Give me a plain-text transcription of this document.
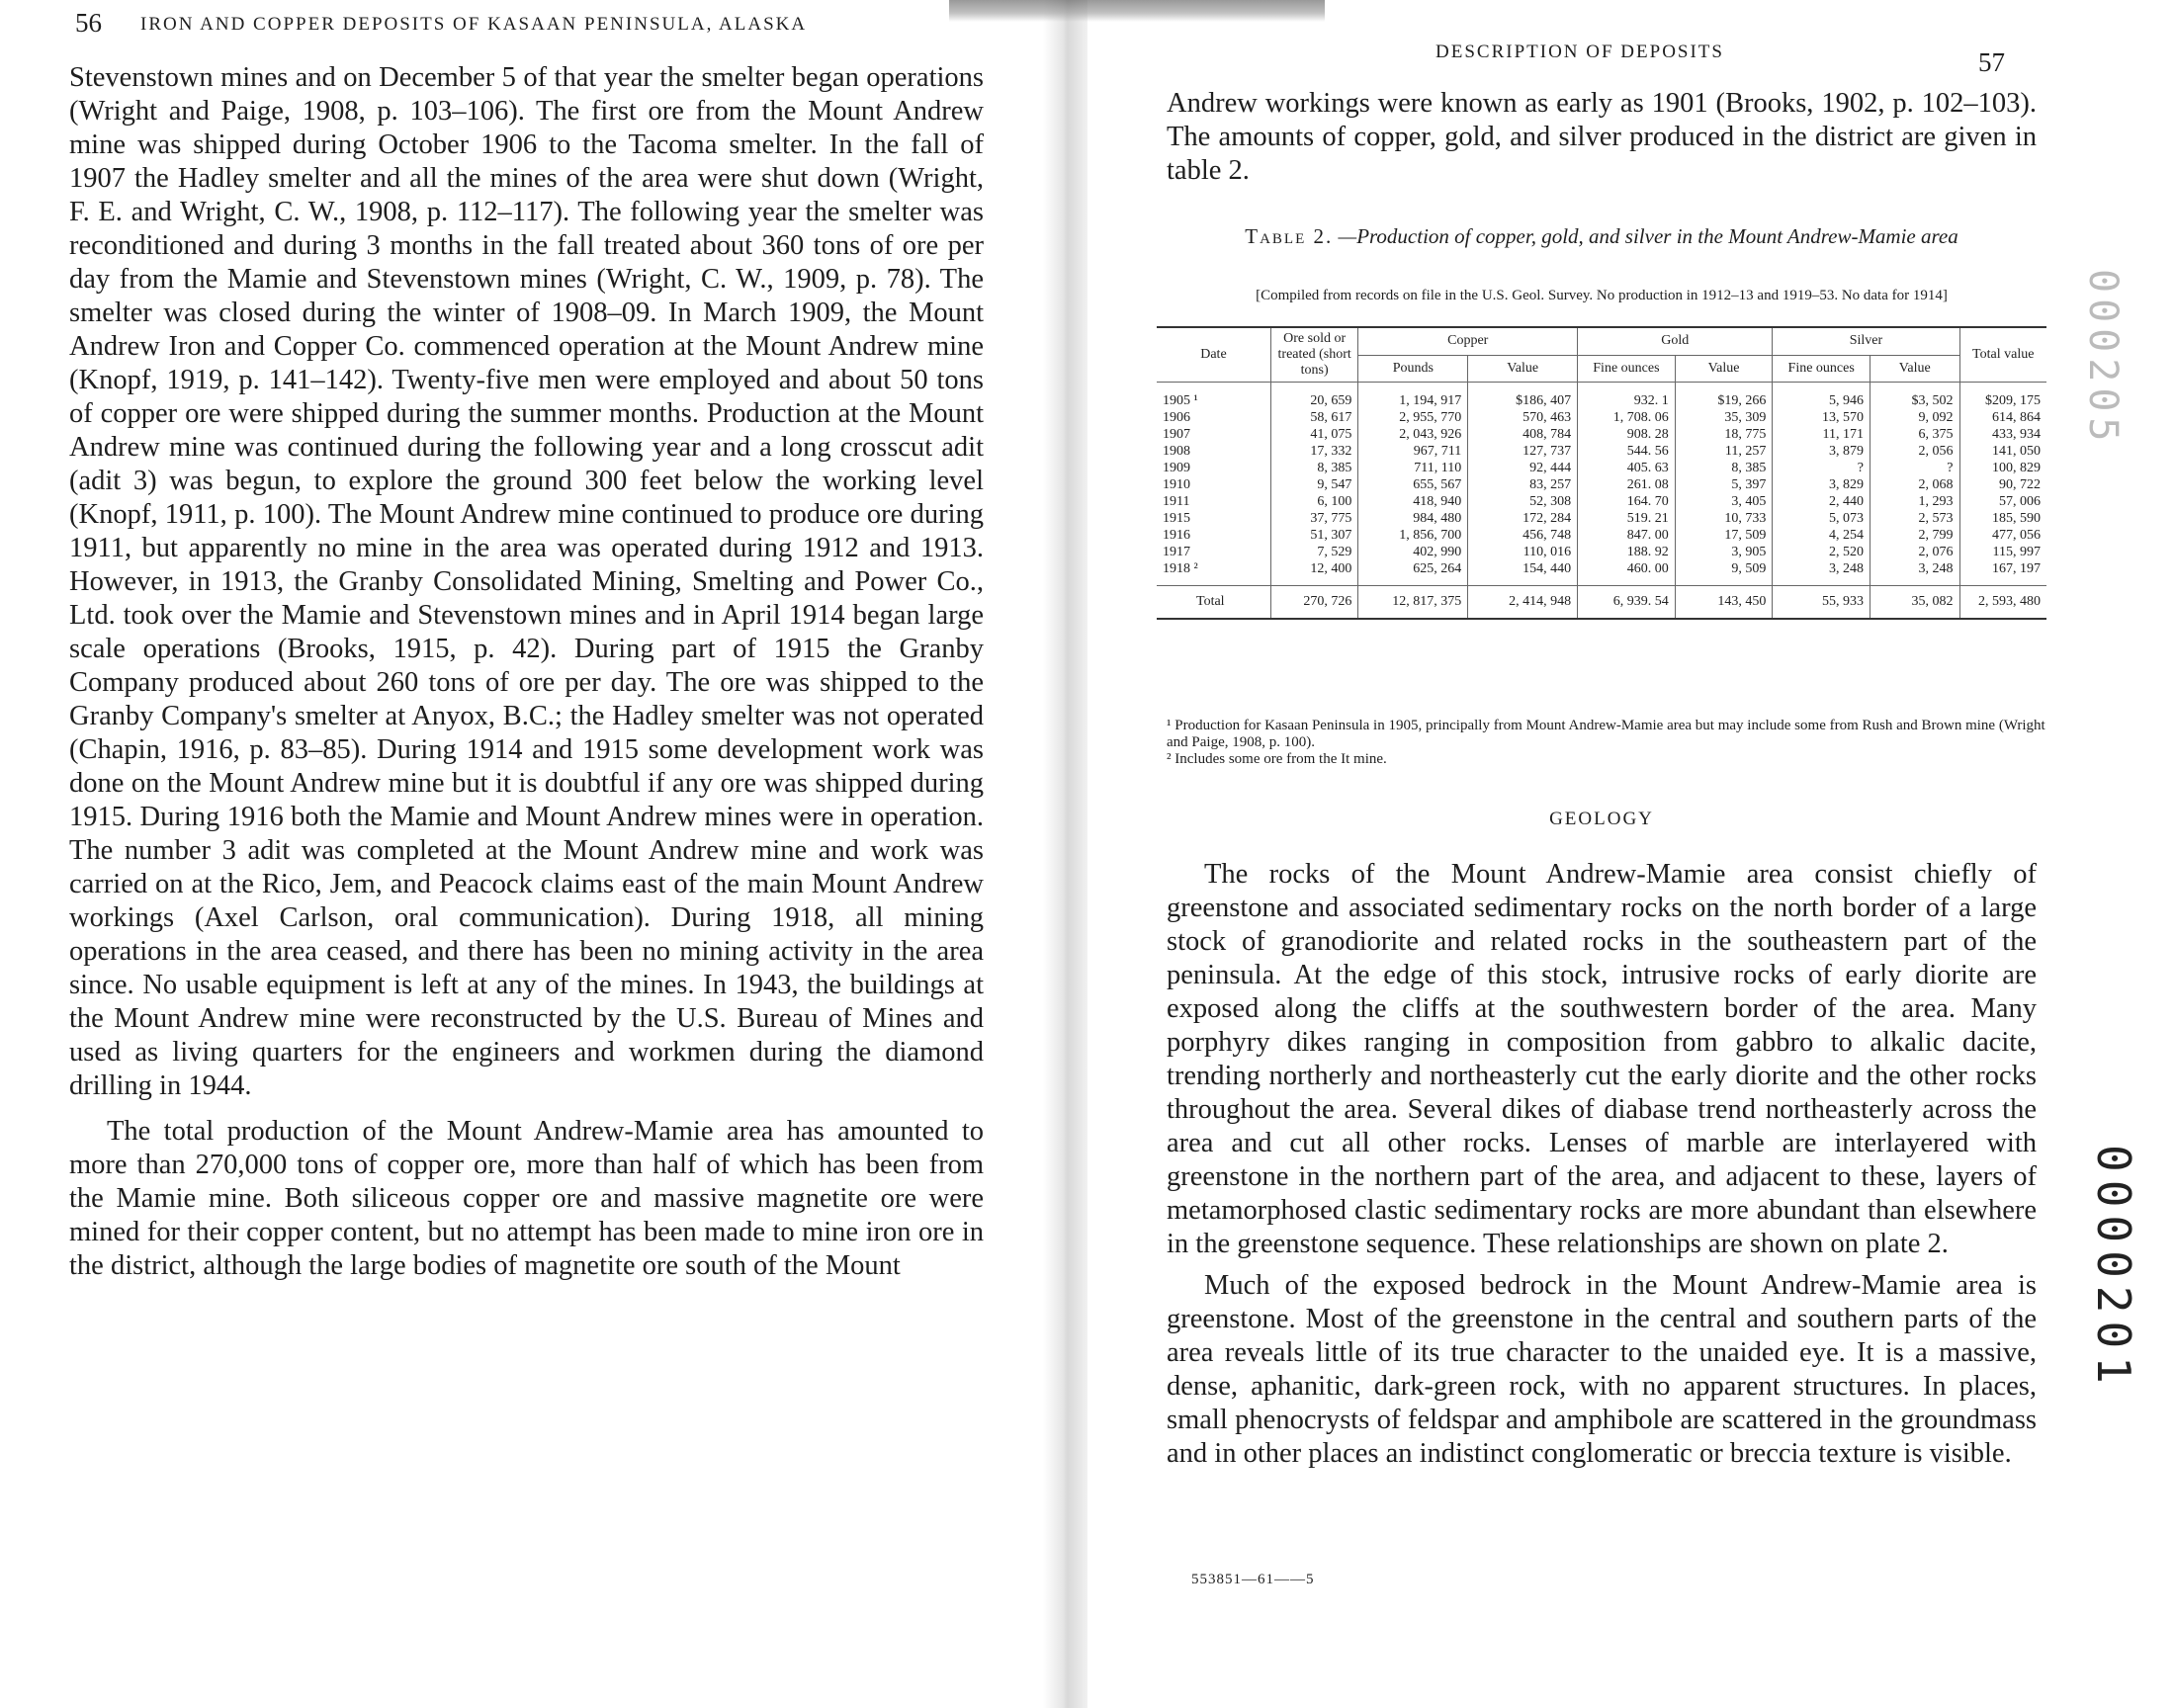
56 IRON AND COPPER DEPOSITS OF KASAAN PENINSULA, ALASKA

Stevenstown mines and on December 5 of that year the smelter began operations (Wright and Paige, 1908, p. 103–106). The first ore from the Mount Andrew mine was shipped during October 1906 to the Tacoma smelter. In the fall of 1907 the Hadley smelter and all the mines of the area were shut down (Wright, F. E. and Wright, C. W., 1908, p. 112–117). The following year the smelter was reconditioned and during 3 months in the fall treated about 360 tons of ore per day from the Mamie and Stevenstown mines (Wright, C. W., 1909, p. 78). The smelter was closed during the winter of 1908–09. In March 1909, the Mount Andrew Iron and Copper Co. commenced operation at the Mount Andrew mine (Knopf, 1919, p. 141–142). Twenty-five men were employed and about 50 tons of copper ore were shipped during the summer months. Production at the Mount Andrew mine was continued during the following year and a long crosscut adit (adit 3) was begun, to explore the ground 300 feet below the working level (Knopf, 1911, p. 100). The Mount Andrew mine continued to produce ore during 1911, but apparently no mine in the area was operated during 1912 and 1913. However, in 1913, the Granby Consolidated Mining, Smelting and Power Co., Ltd. took over the Mamie and Stevenstown mines and in April 1914 began large scale operations (Brooks, 1915, p. 42). During part of 1915 the Granby Company produced about 260 tons of ore per day. The ore was shipped to the Granby Company's smelter at Anyox, B.C.; the Hadley smelter was not operated (Chapin, 1916, p. 83–85). During 1914 and 1915 some development work was done on the Mount Andrew mine but it is doubtful if any ore was shipped during 1915. During 1916 both the Mamie and Mount Andrew mines were in operation. The number 3 adit was completed at the Mount Andrew mine and work was carried on at the Rico, Jem, and Peacock claims east of the main Mount Andrew workings (Axel Carlson, oral communication). During 1918, all mining operations in the area ceased, and there has been no mining activity in the area since. No usable equipment is left at any of the mines. In 1943, the buildings at the Mount Andrew mine were reconstructed by the U.S. Bureau of Mines and used as living quarters for the engineers and workmen during the diamond drilling in 1944.

The total production of the Mount Andrew-Mamie area has amounted to more than 270,000 tons of copper ore, more than half of which has been from the Mamie mine. Both siliceous copper ore and massive magnetite ore were mined for their copper content, but no attempt has been made to mine iron ore in the district, although the large bodies of magnetite ore south of the Mount

DESCRIPTION OF DEPOSITS	57

Andrew workings were known as early as 1901 (Brooks, 1902, p. 102–103). The amounts of copper, gold, and silver produced in the district are given in table 2.

Table 2. —Production of copper, gold, and silver in the Mount Andrew-Mamie area
[Compiled from records on file in the U.S. Geol. Survey. No production in 1912–13 and 1919–53. No data for 1914]
Date	Ore sold or treated (short tons)	Copper		Gold		Silver		Total value
		Pounds	Value	Fine ounces	Value	Fine ounces	Value	
1905 ¹	20, 659	1, 194, 917	$186, 407	932. 1	$19, 266	5, 946	$3, 502	$209, 175
1906	58, 617	2, 955, 770	570, 463	1, 708. 06	35, 309	13, 570	9, 092	614, 864
1907	41, 075	2, 043, 926	408, 784	908. 28	18, 775	11, 171	6, 375	433, 934
1908	17, 332	967, 711	127, 737	544. 56	11, 257	3, 879	2, 056	141, 050
1909	8, 385	711, 110	92, 444	405. 63	8, 385	?	?	100, 829
1910	9, 547	655, 567	83, 257	261. 08	5, 397	3, 829	2, 068	90, 722
1911	6, 100	418, 940	52, 308	164. 70	3, 405	2, 440	1, 293	57, 006
1915	37, 775	984, 480	172, 284	519. 21	10, 733	5, 073	2, 573	185, 590
1916	51, 307	1, 856, 700	456, 748	847. 00	17, 509	4, 254	2, 799	477, 056
1917	7, 529	402, 990	110, 016	188. 92	3, 905	2, 520	2, 076	115, 997
1918 ²	12, 400	625, 264	154, 440	460. 00	9, 509	3, 248	3, 248	167, 197
Total	270, 726	12, 817, 375	2, 414, 948	6, 939. 54	143, 450	55, 933	35, 082	2, 593, 480

¹ Production for Kasaan Peninsula in 1905, principally from Mount Andrew-Mamie area but may include some from Rush and Brown mine (Wright and Paige, 1908, p. 100).

² Includes some ore from the It mine.

GEOLOGY

The rocks of the Mount Andrew-Mamie area consist chiefly of greenstone and associated sedimentary rocks on the north border of a large stock of granodiorite and related rocks in the southeastern part of the peninsula. At the edge of this stock, intrusive rocks of early diorite are exposed along the cliffs at the southwestern border of the area. Many porphyry dikes ranging in composition from gabbro to alkalic dacite, trending northerly and northeasterly cut the early diorite and the other rocks throughout the area. Several dikes of diabase trend northeasterly across the area and cut all other rocks. Lenses of marble are interlayered with greenstone in the northern part of the area, and adjacent to these, layers of metamorphosed clastic sedimentary rocks are more abundant than elsewhere in the greenstone sequence. These relationships are shown on plate 2.

Much of the exposed bedrock in the Mount Andrew-Mamie area is greenstone. Most of the greenstone in the central and southern parts of the area reveals little of its true character to the unaided eye. It is a massive, dense, aphanitic, dark-green rock, with no apparent structures. In places, small phenocrysts of feldspar and amphibole are scattered in the groundmass and in other places an indistinct conglomeratic or breccia texture is visible.

553851—61——5
000205
0000201
